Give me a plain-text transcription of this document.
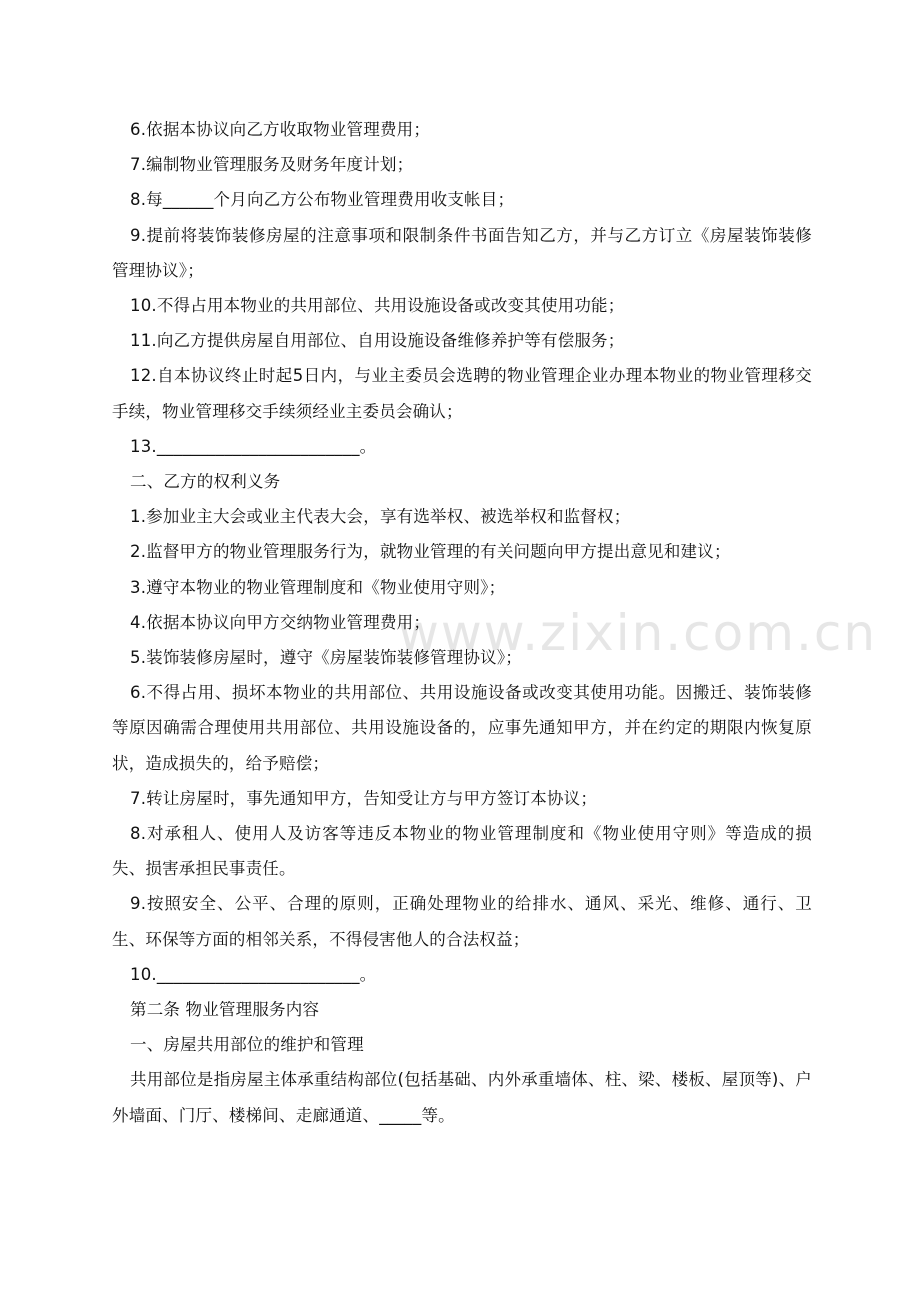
www.zixin.com.cn

6.依据本协议向乙方收取物业管理费用；

7.编制物业管理服务及财务年度计划；

8.每______个月向乙方公布物业管理费用收支帐目；

9.提前将装饰装修房屋的注意事项和限制条件书面告知乙方，并与乙方订立《房屋装饰装修管理协议》；

10.不得占用本物业的共用部位、共用设施设备或改变其使用功能；

11.向乙方提供房屋自用部位、自用设施设备维修养护等有偿服务；

12.自本协议终止时起5日内，与业主委员会选聘的物业管理企业办理本物业的物业管理移交手续，物业管理移交手续须经业主委员会确认；

13.________________________。

二、乙方的权利义务

1.参加业主大会或业主代表大会，享有选举权、被选举权和监督权；

2.监督甲方的物业管理服务行为，就物业管理的有关问题向甲方提出意见和建议；

3.遵守本物业的物业管理制度和《物业使用守则》；

4.依据本协议向甲方交纳物业管理费用；

5.装饰装修房屋时，遵守《房屋装饰装修管理协议》；

6.不得占用、损坏本物业的共用部位、共用设施设备或改变其使用功能。因搬迁、装饰装修等原因确需合理使用共用部位、共用设施设备的，应事先通知甲方，并在约定的期限内恢复原状，造成损失的，给予赔偿；

7.转让房屋时，事先通知甲方，告知受让方与甲方签订本协议；

8.对承租人、使用人及访客等违反本物业的物业管理制度和《物业使用守则》等造成的损失、损害承担民事责任。

9.按照安全、公平、合理的原则，正确处理物业的给排水、通风、采光、维修、通行、卫生、环保等方面的相邻关系，不得侵害他人的合法权益；

10.________________________。

第二条 物业管理服务内容

一、房屋共用部位的维护和管理

共用部位是指房屋主体承重结构部位(包括基础、内外承重墙体、柱、梁、楼板、屋顶等)、户外墙面、门厅、楼梯间、走廊通道、_____等。
